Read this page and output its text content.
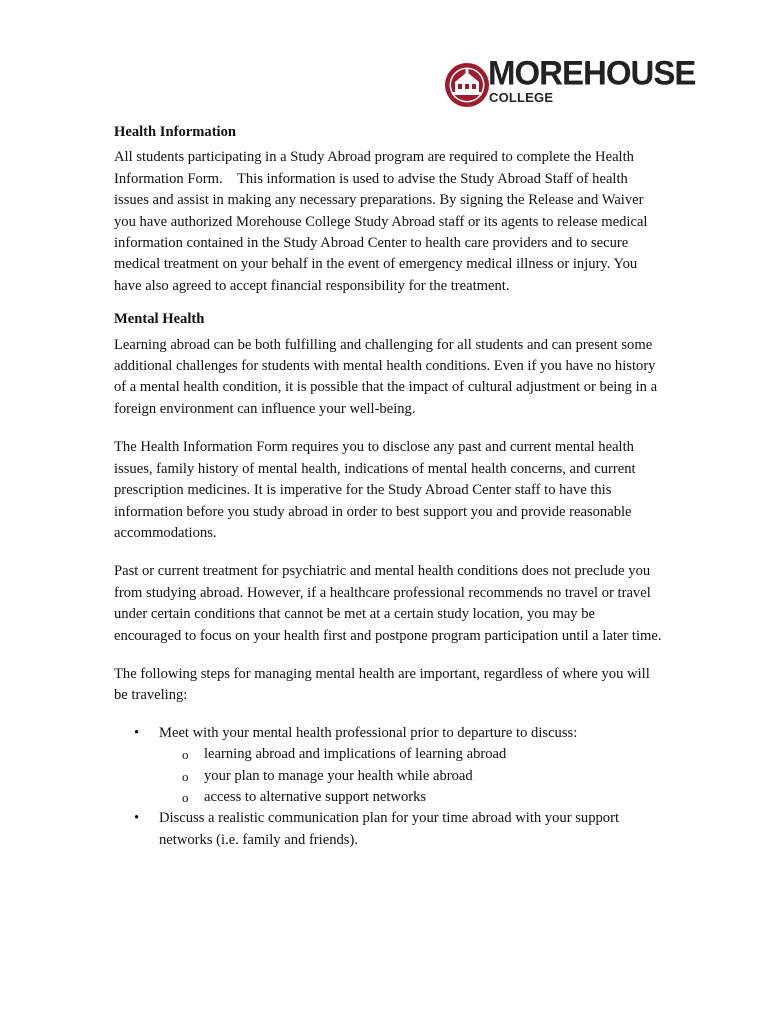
MOREHOUSE
COLLEGE
Health Information

All students participating in a Study Abroad program are required to complete the Health Information Form.    This information is used to advise the Study Abroad Staff of health issues and assist in making any necessary preparations. By signing the Release and Waiver you have authorized Morehouse College Study Abroad staff or its agents to release medical information contained in the Study Abroad Center to health care providers and to secure medical treatment on your behalf in the event of emergency medical illness or injury. You have also agreed to accept financial responsibility for the treatment.

Mental Health

Learning abroad can be both fulfilling and challenging for all students and can present some additional challenges for students with mental health conditions. Even if you have no history of a mental health condition, it is possible that the impact of cultural adjustment or being in a foreign environment can influence your well-being.

The Health Information Form requires you to disclose any past and current mental health issues, family history of mental health, indications of mental health concerns, and current prescription medicines. It is imperative for the Study Abroad Center staff to have this information before you study abroad in order to best support you and provide reasonable accommodations.

Past or current treatment for psychiatric and mental health conditions does not preclude you from studying abroad. However, if a healthcare professional recommends no travel or travel under certain conditions that cannot be met at a certain study location, you may be encouraged to focus on your health first and postpone program participation until a later time.

The following steps for managing mental health are important, regardless of where you will be traveling:

• Meet with your mental health professional prior to departure to discuss:
o learning abroad and implications of learning abroad
o your plan to manage your health while abroad
o access to alternative support networks
• Discuss a realistic communication plan for your time abroad with your support networks (i.e. family and friends).
